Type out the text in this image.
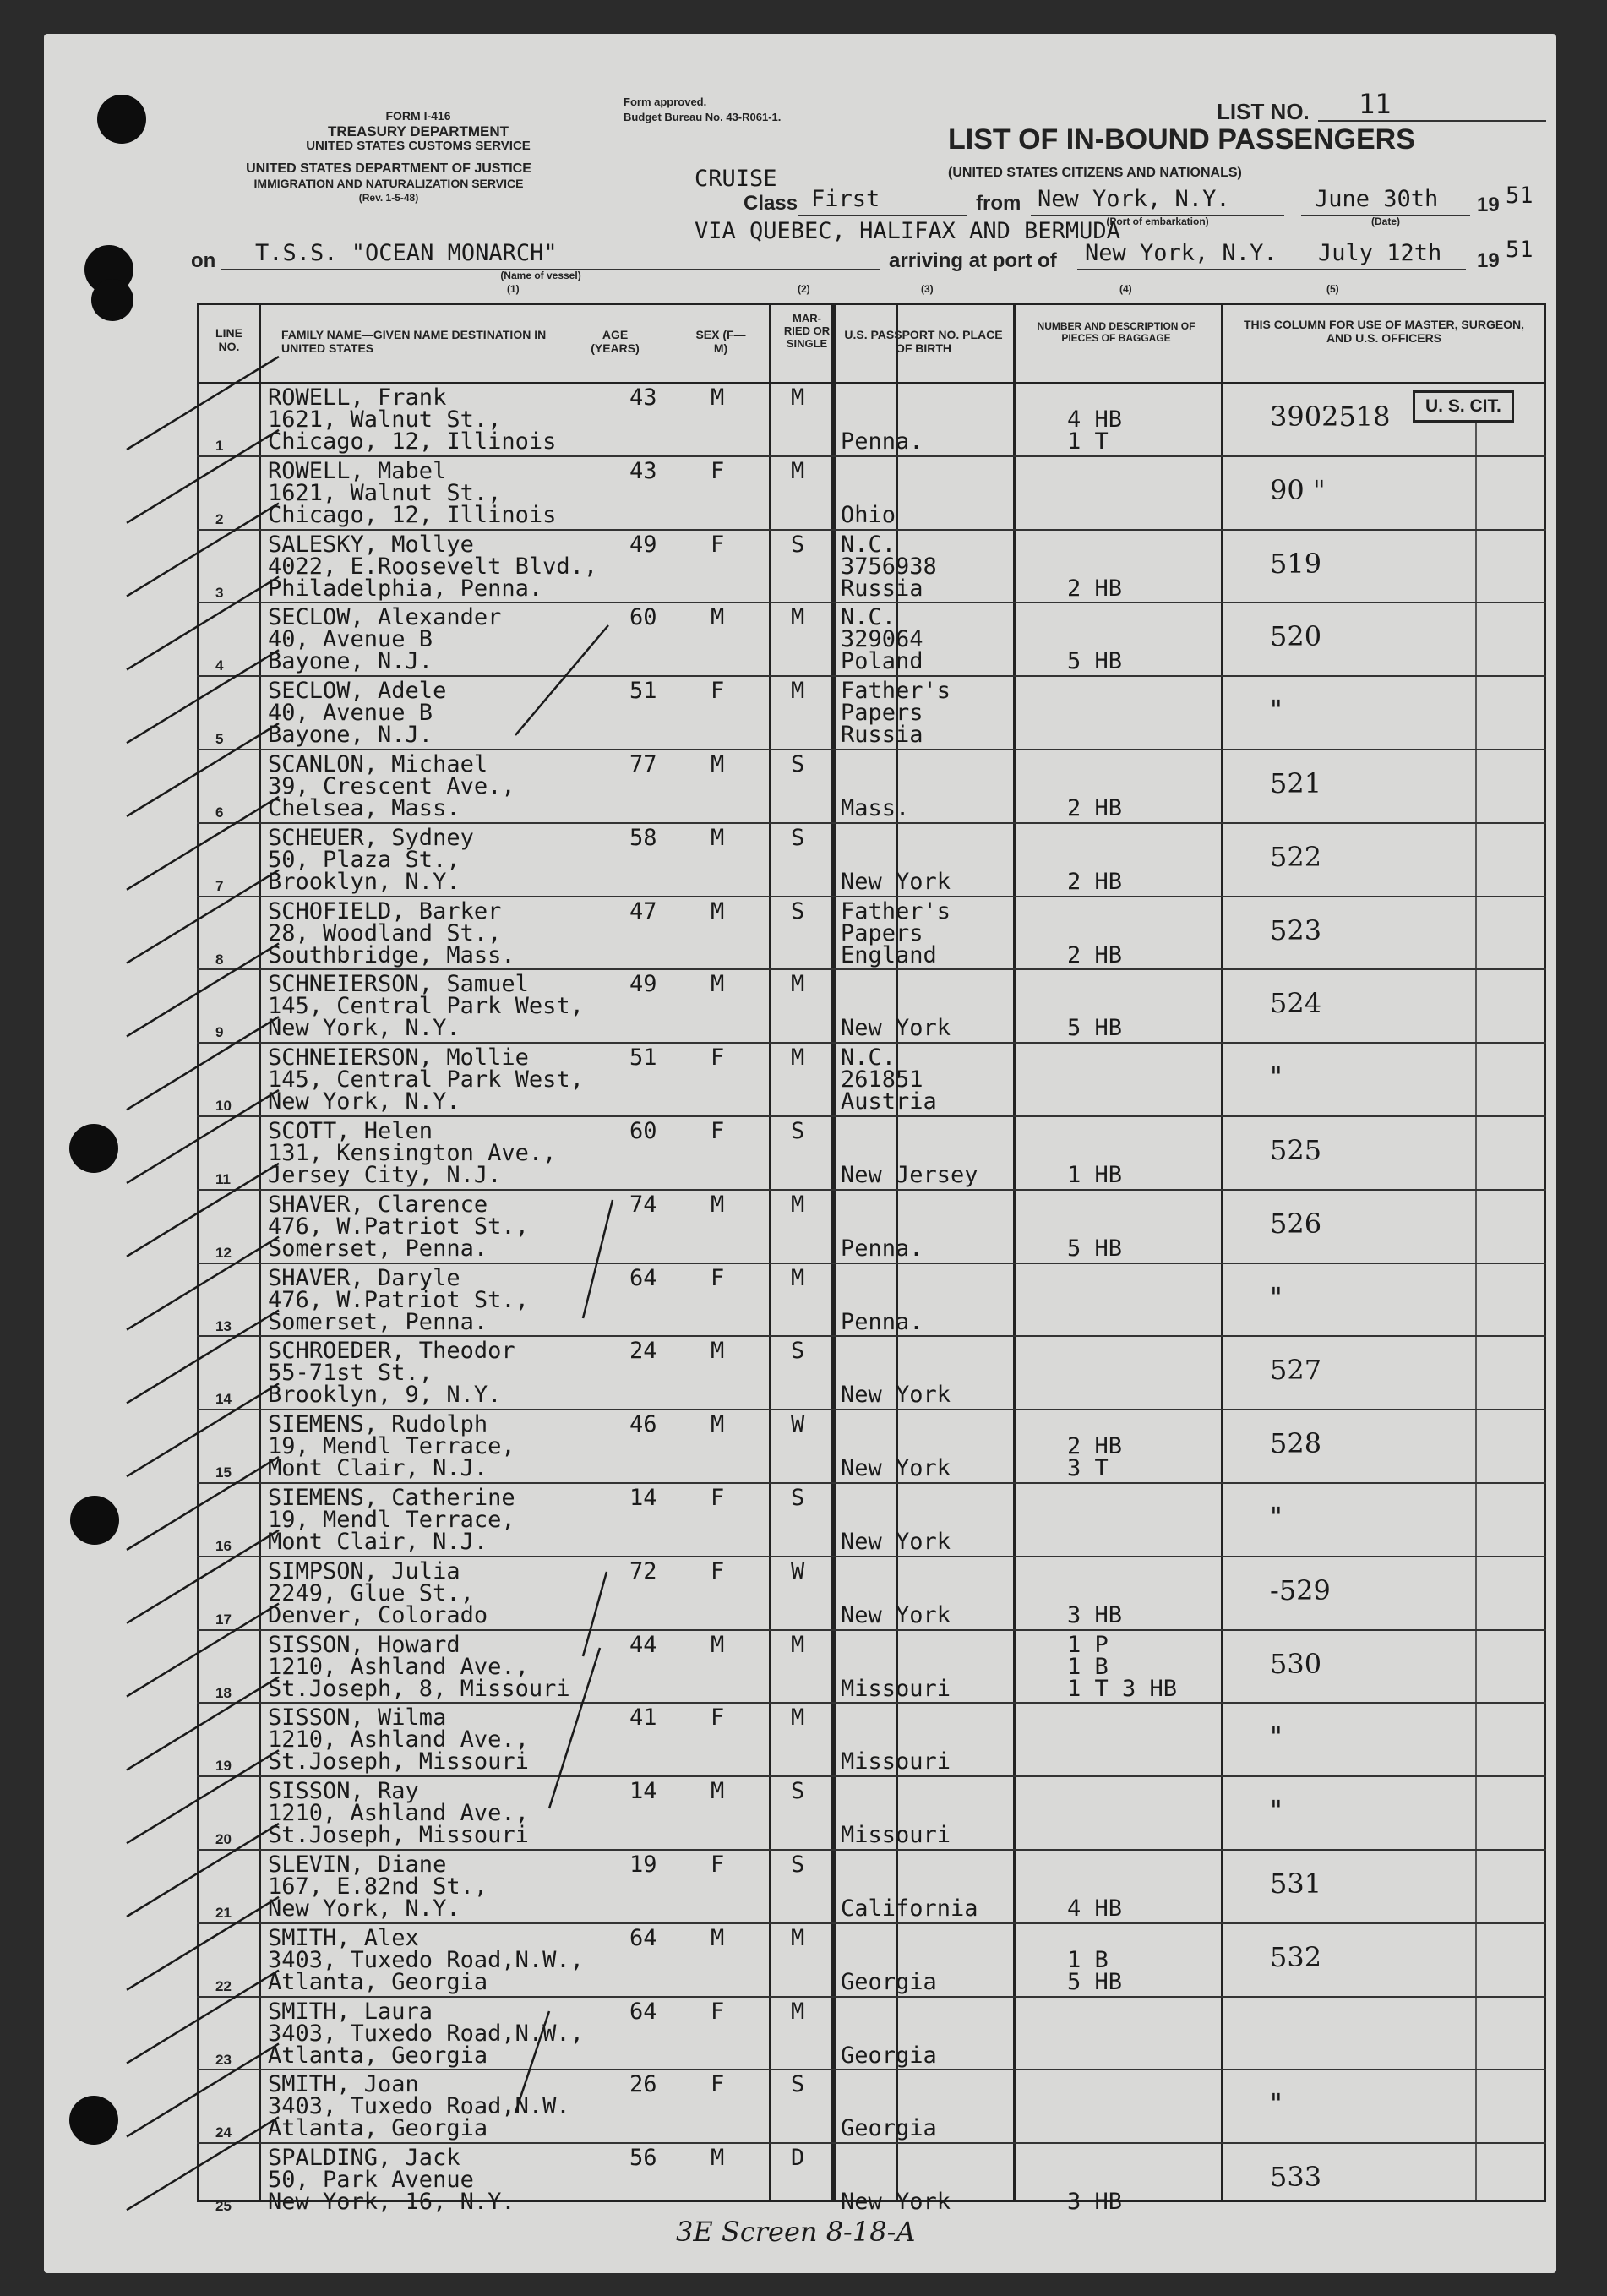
FORM I-416
TREASURY DEPARTMENT
UNITED STATES CUSTOMS SERVICE
UNITED STATES DEPARTMENT OF JUSTICE
IMMIGRATION AND NATURALIZATION SERVICE
(Rev. 1-5-48)
Form approved.
Budget Bureau No. 43-R061-1.	LIST NO. 11
LIST OF IN-BOUND PASSENGERS
(UNITED STATES CITIZENS AND NATIONALS)
CRUISE
Class First	from New York, N.Y.
(Port of embarkation)
June 30th
(Date)
19 51
VIA QUEBEC, HALIFAX AND BERMUDA
on T.S.S. "OCEAN MONARCH"
(Name of vessel)
arriving at port of New York, N.Y. July 12th 19 51
(1)	(2)	(3)	(4)	(5)
LINE NO.
FAMILY NAME—GIVEN NAME DESTINATION IN UNITED STATES
AGE (YEARS)
SEX (F—M)
MAR-RIED OR SINGLE
U.S. PASSPORT NO. PLACE OF BIRTH
NUMBER AND DESCRIPTION OF PIECES OF BAGGAGE
THIS COLUMN FOR USE OF MASTER, SURGEON, AND U.S. OFFICERS
1
ROWELL, Frank
1621, Walnut St.,
Chicago, 12, Illinois
43 M	M
Penna.
4 HB
1 T
3902518
2
ROWELL, Mabel
1621, Walnut St.,
Chicago, 12, Illinois
43 F	M
Ohio
90 "
3
SALESKY, Mollye
4022, E.Roosevelt Blvd.,
Philadelphia, Penna.
49 F	S N.C.
3756938
Russia	2 HB
519
4
SECLOW, Alexander
40, Avenue B
Bayone, N.J.
60 M	M N.C.
329064
Poland	5 HB
520
5
SECLOW, Adele
40, Avenue B
Bayone, N.J.
51 F	M Father's
Papers
Russia
"
6
SCANLON, Michael
39, Crescent Ave.,
Chelsea, Mass.
77 M	S
Mass.	2 HB
521
7
SCHEUER, Sydney
50, Plaza St.,
Brooklyn, N.Y.
58 M	S
New York	2 HB
522
8
SCHOFIELD, Barker
28, Woodland St.,
Southbridge, Mass.
47 M	S Father's
Papers
England	2 HB
523
9
SCHNEIERSON, Samuel
145, Central Park West,
New York, N.Y.
49 M	M
New York	5 HB
524
10
SCHNEIERSON, Mollie
145, Central Park West,
New York, N.Y.
51 F	M N.C.
261851
Austria
"
11
SCOTT, Helen
131, Kensington Ave.,
Jersey City, N.J.
60 F	S
New Jersey	1 HB
525
12
SHAVER, Clarence
476, W.Patriot St.,
Somerset, Penna.
74 M	M
Penna.	5 HB
526
13
SHAVER, Daryle
476, W.Patriot St.,
Somerset, Penna.
64 F	M
Penna.
"
14
SCHROEDER, Theodor
55-71st St.,
Brooklyn, 9, N.Y.
24 M	S
New York
527
15
SIEMENS, Rudolph
19, Mendl Terrace,
Mont Clair, N.J.
46 M	W
New York
2 HB
3 T
528
16
SIEMENS, Catherine
19, Mendl Terrace,
Mont Clair, N.J.
14 F	S
New York
"
17
SIMPSON, Julia
2249, Glue St.,
Denver, Colorado
72 F	W
New York	3 HB
-529
18
SISSON, Howard
1210, Ashland Ave.,
St.Joseph, 8, Missouri
44 M	M
Missouri
1 P
1 B
1 T 3 HB
530
19
SISSON, Wilma
1210, Ashland Ave.,
St.Joseph, Missouri
41 F	M
Missouri
"
20
SISSON, Ray
1210, Ashland Ave.,
St.Joseph, Missouri
14 M	S
Missouri
"
21
SLEVIN, Diane
167, E.82nd St.,
New York, N.Y.
19 F	S
California	4 HB
531
22
SMITH, Alex
3403, Tuxedo Road,N.W.,
Atlanta, Georgia
64 M	M
Georgia
1 B
5 HB
532
23
SMITH, Laura
3403, Tuxedo Road,N.W.,
Atlanta, Georgia
64 F	M
Georgia
24
SMITH, Joan
3403, Tuxedo Road,N.W.
Atlanta, Georgia
26 F	S
Georgia
"
25
SPALDING, Jack
50, Park Avenue
New York, 16, N.Y.
56 M	D
New York	3 HB
533
U. S. CIT.
3E Screen 8-18-A
